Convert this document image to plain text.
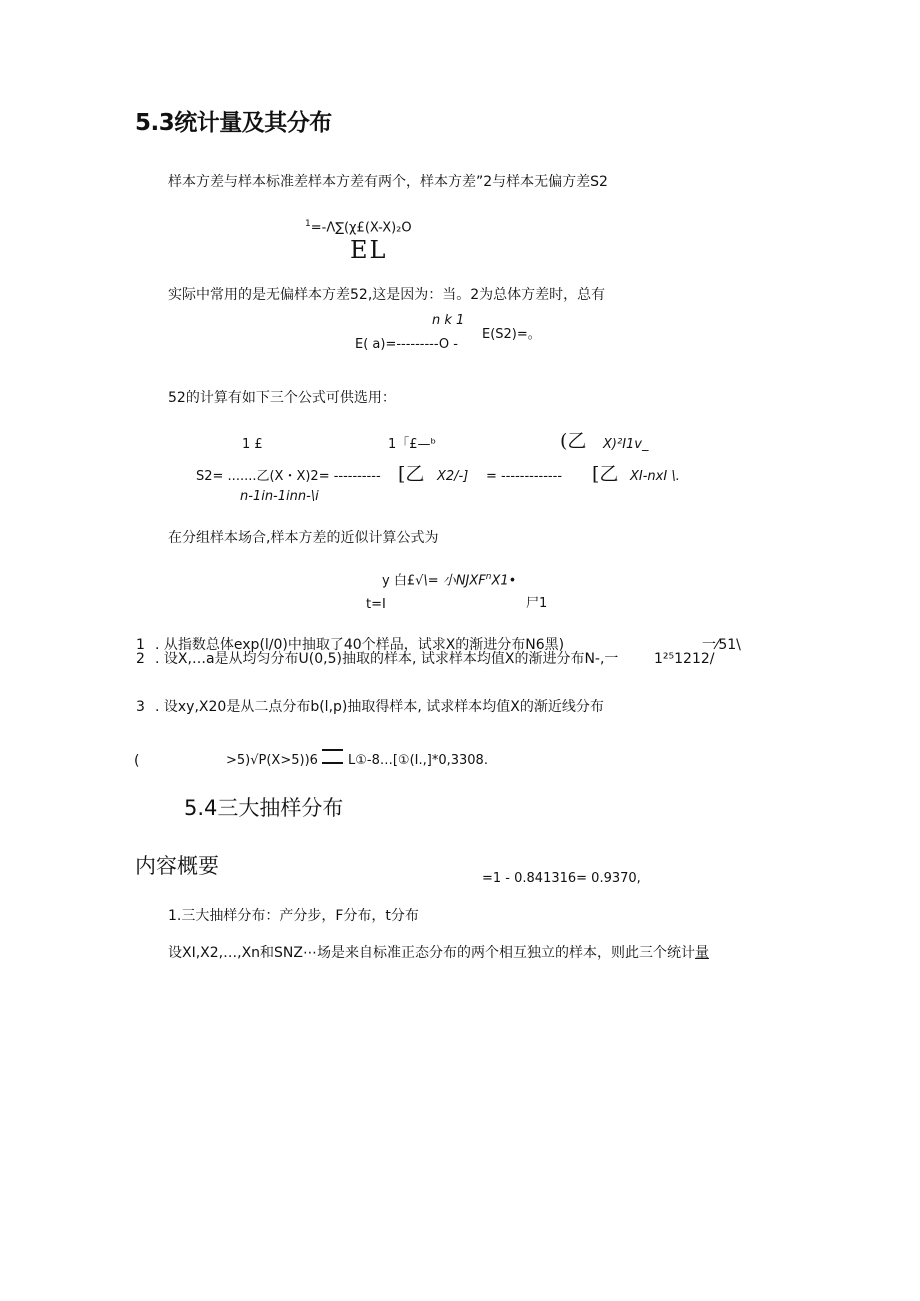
5.3统计量及其分布
样本方差与样本标准差样本方差有两个，样本方差”2与样本无偏方差S2
$^1$=-Λ∑(χ£(X-X)₂O
EL
实际中常用的是无偏样本方差52,这是因为：当。2为总体方差时，总有
n k 1
E( a)=---------O -
E(S2)=。
52的计算有如下三个公式可供选用：
1 £	1「£—ᵇ	(乙 X)²I1v_
S2= .......乙(X・X)2= ---------- [乙 X2/-] = ------------- [乙 XI-nxI \.
n-1in-1inn-\i
在分组样本场合,样本方差的近似计算公式为
y 白£√\= 小NJXF$^n$X1•
t=I	尸1
1 . 从指数总体exp(l∕0)中抽取了40个样品，试求X的渐进分布N6黑)	一⁄51\
2 . 设X,…a是从均匀分布U(0,5)抽取的样本, 试求样本均值X的渐进分布N-,一	1²⁵1212/
3 . 设xy,X20是从二点分布b(l,p)抽取得样本, 试求样本均值X的渐近线分布
(	>5)√P(X>5))6 L①-8…[①(I.,]*0,3308.
5.4三大抽样分布
内容概要
=1 - 0.841316= 0.9370,
1.三大抽样分布：产分步，F分布，t分布
设XI,X2,…,Xn和SNZ⋯场是来自标准正态分布的两个相互独立的样本，则此三个统计量
